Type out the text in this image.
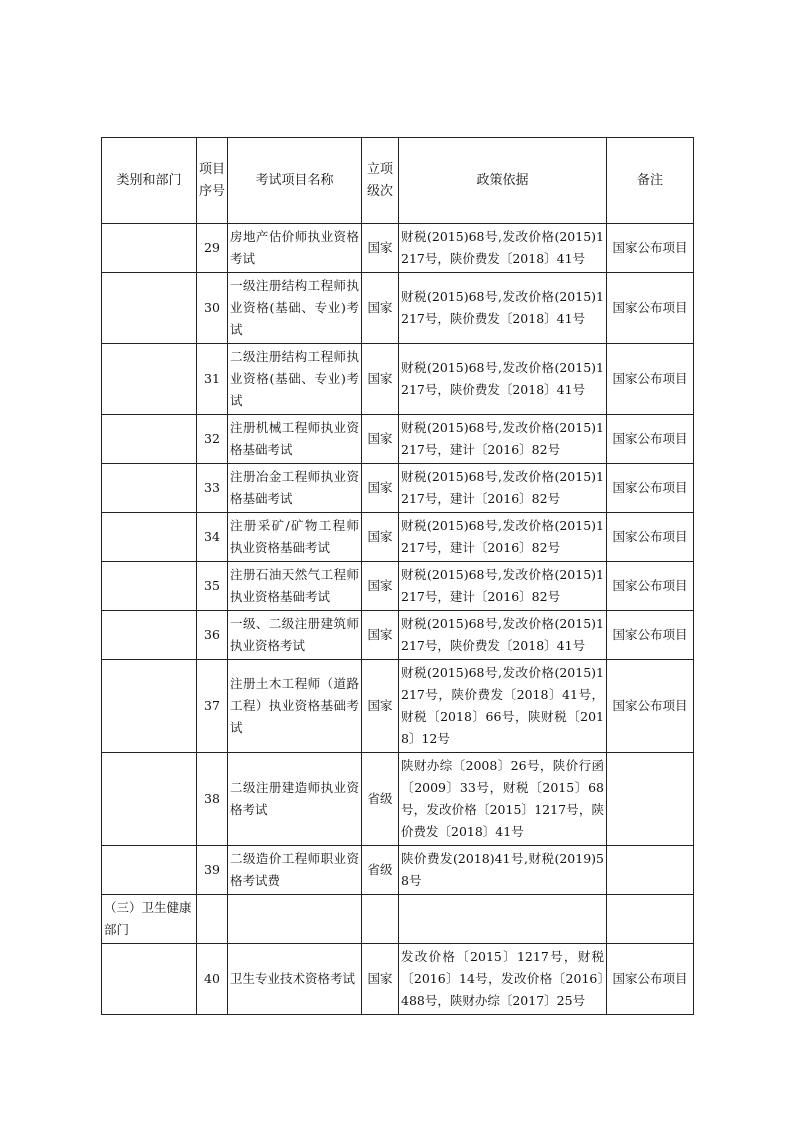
类别和部门	项目序号	考试项目名称	立项级次	政策依据	备注
	29	房地产估价师执业资格考试	国家	财税(2015)68号,发改价格(2015)1217号，陕价费发〔2018〕41号	国家公布项目
	30	一级注册结构工程师执业资格(基础、专业)考试	国家	财税(2015)68号,发改价格(2015)1217号，陕价费发〔2018〕41号	国家公布项目
	31	二级注册结构工程师执业资格(基础、专业)考试	国家	财税(2015)68号,发改价格(2015)1217号，陕价费发〔2018〕41号	国家公布项目
	32	注册机械工程师执业资格基础考试	国家	财税(2015)68号,发改价格(2015)1217号，建计〔2016〕82号	国家公布项目
	33	注册冶金工程师执业资格基础考试	国家	财税(2015)68号,发改价格(2015)1217号，建计〔2016〕82号	国家公布项目
	34	注册采矿/矿物工程师执业资格基础考试	国家	财税(2015)68号,发改价格(2015)1217号，建计〔2016〕82号	国家公布项目
	35	注册石油天然气工程师执业资格基础考试	国家	财税(2015)68号,发改价格(2015)1217号，建计〔2016〕82号	国家公布项目
	36	一级、二级注册建筑师执业资格考试	国家	财税(2015)68号,发改价格(2015)1217号，陕价费发〔2018〕41号	国家公布项目
	37	注册土木工程师（道路工程）执业资格基础考试	国家	财税(2015)68号,发改价格(2015)1217号，陕价费发〔2018〕41号，财税〔2018〕66号，陕财税〔2018〕12号	国家公布项目
	38	二级注册建造师执业资格考试	省级	陕财办综〔2008〕26号，陕价行函〔2009〕33号，财税〔2015〕68号，发改价格〔2015〕1217号，陕价费发〔2018〕41号	
	39	二级造价工程师职业资格考试费	省级	陕价费发(2018)41号,财税(2019)58号	
（三）卫生健康部门					
	40	卫生专业技术资格考试	国家	发改价格〔2015〕1217号，财税〔2016〕14号，发改价格〔2016〕488号，陕财办综〔2017〕25号	国家公布项目
